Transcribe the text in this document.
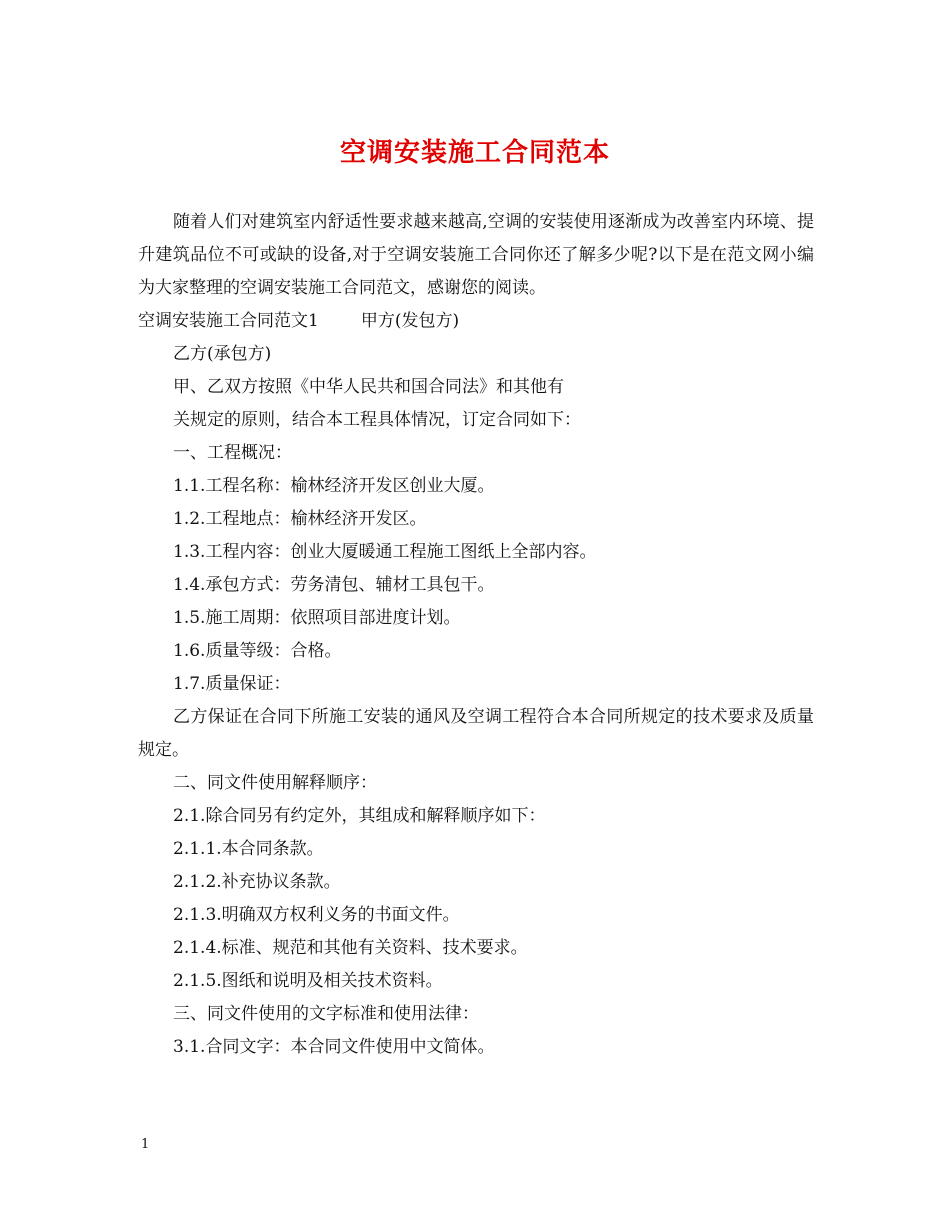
空调安装施工合同范本

随着人们对建筑室内舒适性要求越来越高,空调的安装使用逐渐成为改善室内环境、提升建筑品位不可或缺的设备,对于空调安装施工合同你还了解多少呢?以下是在范文网小编为大家整理的空调安装施工合同范文，感谢您的阅读。

空调安装施工合同范文1 甲方(发包方)

乙方(承包方)

甲、乙双方按照《中华人民共和国合同法》和其他有

关规定的原则，结合本工程具体情况，订定合同如下：

一、工程概况：

1.1.工程名称：榆林经济开发区创业大厦。

1.2.工程地点：榆林经济开发区。

1.3.工程内容：创业大厦暖通工程施工图纸上全部内容。

1.4.承包方式：劳务清包、辅材工具包干。

1.5.施工周期：依照项目部进度计划。

1.6.质量等级：合格。

1.7.质量保证：

乙方保证在合同下所施工安装的通风及空调工程符合本合同所规定的技术要求及质量规定。

二、同文件使用解释顺序：

2.1.除合同另有约定外，其组成和解释顺序如下：

2.1.1.本合同条款。

2.1.2.补充协议条款。

2.1.3.明确双方权利义务的书面文件。

2.1.4.标准、规范和其他有关资料、技术要求。

2.1.5.图纸和说明及相关技术资料。

三、同文件使用的文字标准和使用法律：

3.1.合同文字：本合同文件使用中文简体。

1
